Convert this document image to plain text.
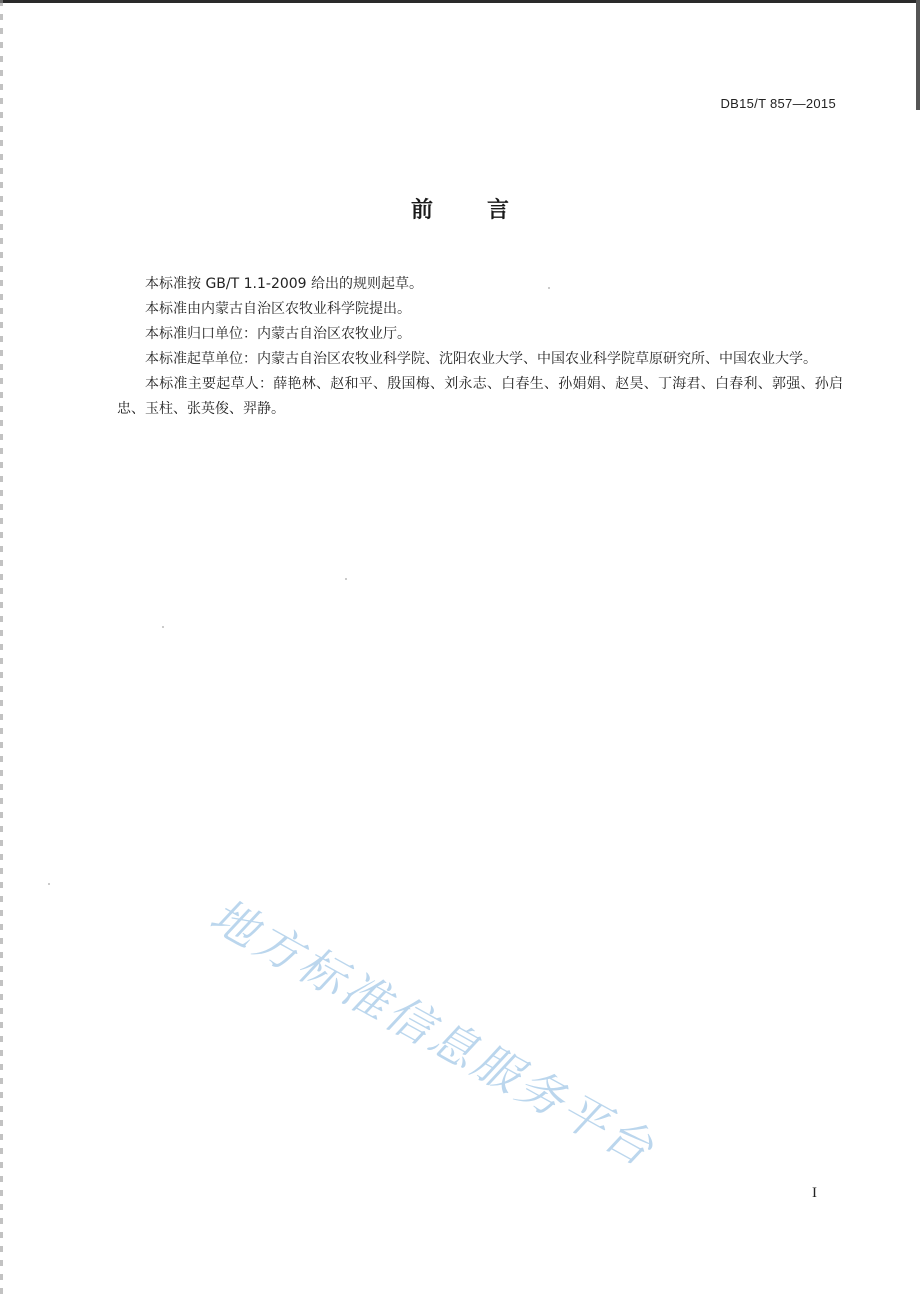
DB15/T 857—2015
前 言

本标准按 GB/T 1.1-2009 给出的规则起草。

本标准由内蒙古自治区农牧业科学院提出。

本标准归口单位：内蒙古自治区农牧业厅。

本标准起草单位：内蒙古自治区农牧业科学院、沈阳农业大学、中国农业科学院草原研究所、中国农业大学。

本标准主要起草人：薛艳林、赵和平、殷国梅、刘永志、白春生、孙娟娟、赵昊、丁海君、白春利、郭强、孙启忠、玉柱、张英俊、羿静。

地方标准信息服务平台
I
